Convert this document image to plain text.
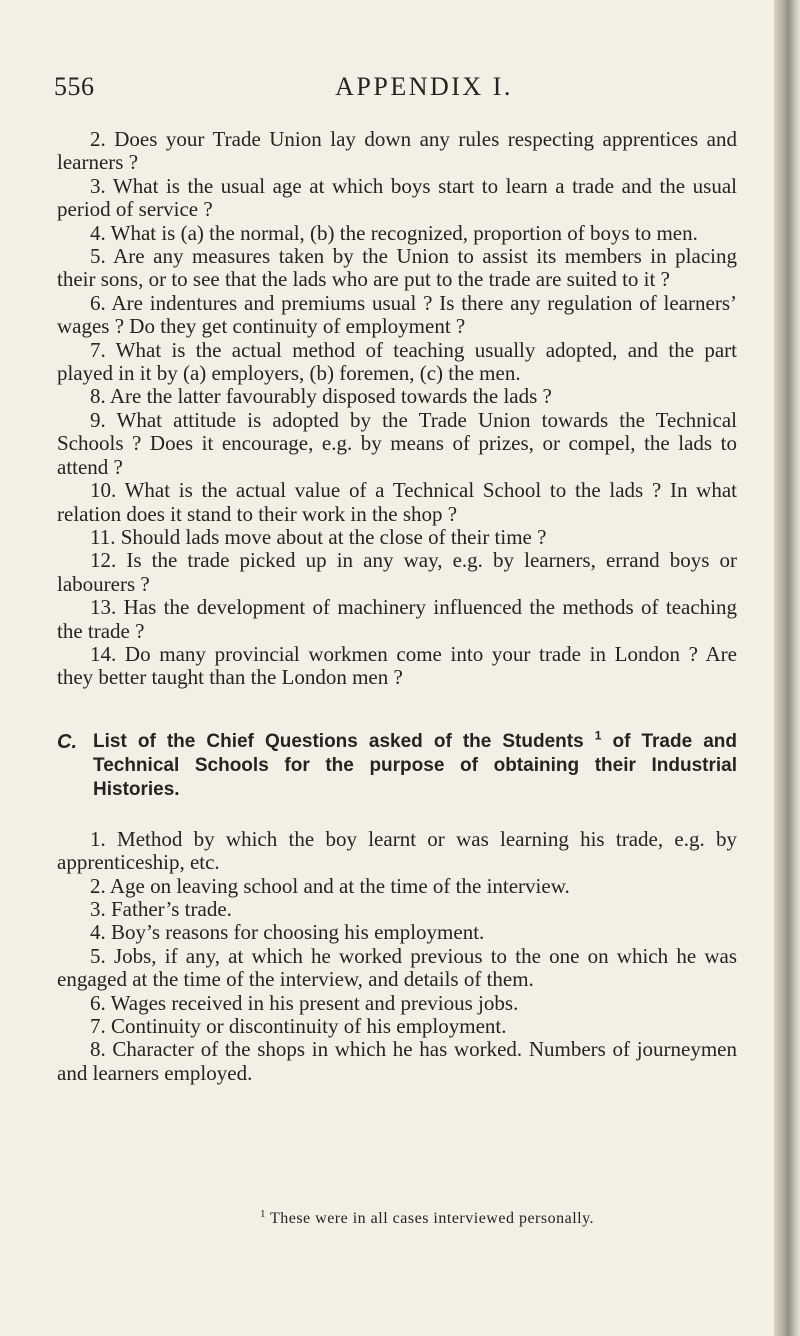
556	APPENDIX I.

2. Does your Trade Union lay down any rules respecting apprentices and learners ?

3. What is the usual age at which boys start to learn a trade and the usual period of service ?

4. What is (a) the normal, (b) the recognized, proportion of boys to men.

5. Are any measures taken by the Union to assist its members in placing their sons, or to see that the lads who are put to the trade are suited to it ?

6. Are indentures and premiums usual ? Is there any regulation of learners’ wages ? Do they get continuity of employment ?

7. What is the actual method of teaching usually adopted, and the part played in it by (a) employers, (b) foremen, (c) the men.

8. Are the latter favourably disposed towards the lads ?

9. What attitude is adopted by the Trade Union towards the Technical Schools ? Does it encourage, e.g. by means of prizes, or compel, the lads to attend ?

10. What is the actual value of a Technical School to the lads ? In what relation does it stand to their work in the shop ?

11. Should lads move about at the close of their time ?

12. Is the trade picked up in any way, e.g. by learners, errand boys or labourers ?

13. Has the development of machinery influenced the methods of teaching the trade ?

14. Do many provincial workmen come into your trade in London ? Are they better taught than the London men ?

C. List of the Chief Questions asked of the Students $^1$ of Trade and Technical Schools for the purpose of obtaining their Industrial Histories.

1. Method by which the boy learnt or was learning his trade, e.g. by apprenticeship, etc.

2. Age on leaving school and at the time of the interview.

3. Father’s trade.

4. Boy’s reasons for choosing his employment.

5. Jobs, if any, at which he worked previous to the one on which he was engaged at the time of the interview, and details of them.

6. Wages received in his present and previous jobs.

7. Continuity or discontinuity of his employment.

8. Character of the shops in which he has worked. Numbers of journeymen and learners employed.

$^1$ These were in all cases interviewed personally.
